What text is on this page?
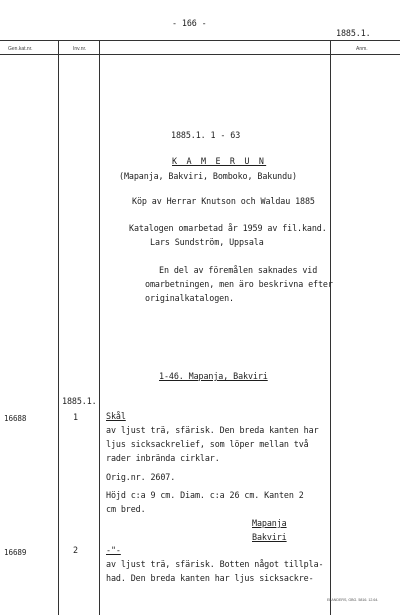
- 166 -
1885.1.
Gen.kat.nr.	Inv.nr.	Anm.
1885.1. 1 - 63
K A M E R U N
(Mapanja, Bakviri, Bomboko, Bakundu)
Köp av Herrar Knutson och Waldau 1885
Katalogen omarbetad år 1959 av fil.kand.
Lars Sundström, Uppsala
En del av föremålen saknades vid
omarbetningen, men äro beskrivna efter
originalkatalogen.
1-46. Mapanja, Bakviri
1885.1.
16688	1	Skål
av ljust trä, sfärisk. Den breda kanten har
ljus sicksackrelief, som löper mellan två
rader inbrända cirklar.
Orig.nr. 2607.
Höjd c:a 9 cm. Diam. c:a 26 cm. Kanten 2
cm bred.
Mapanja
Bakviri
16689	2	-"-
av ljust trä, sfärisk. Botten något tillpla-
had. Den breda kanten har ljus sicksackre-
ELANDERS, GBG. 5816. 12.64.
